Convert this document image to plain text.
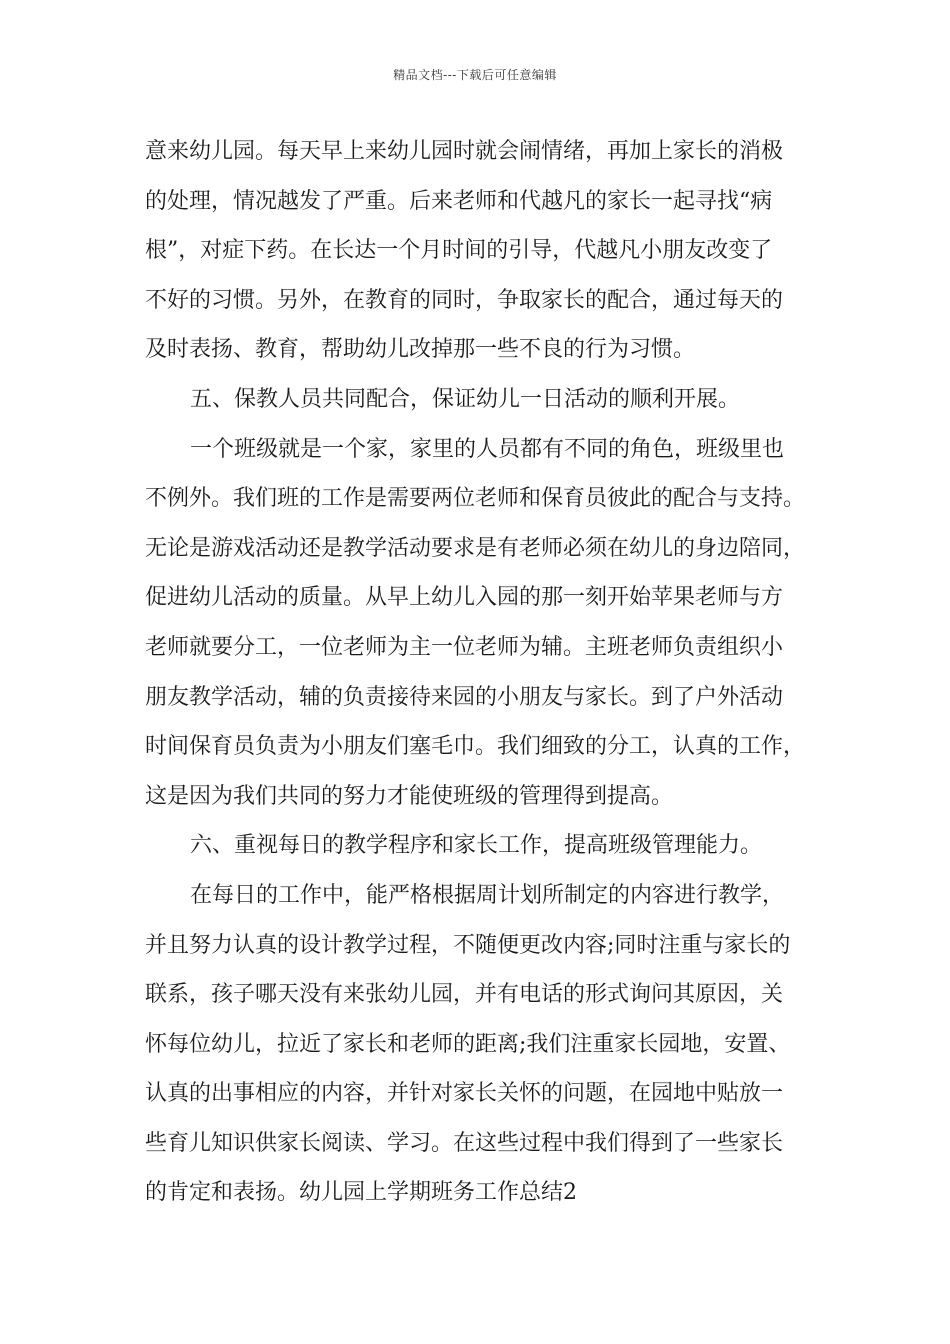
精品文档---下载后可任意编辑
意来幼儿园。每天早上来幼儿园时就会闹情绪，再加上家长的消极
的处理，情况越发了严重。后来老师和代越凡的家长一起寻找“病
根”，对症下药。在长达一个月时间的引导，代越凡小朋友改变了
不好的习惯。另外，在教育的同时，争取家长的配合，通过每天的
及时表扬、教育，帮助幼儿改掉那一些不良的行为习惯。
五、保教人员共同配合，保证幼儿一日活动的顺利开展。
一个班级就是一个家，家里的人员都有不同的角色，班级里也
不例外。我们班的工作是需要两位老师和保育员彼此的配合与支持。
无论是游戏活动还是教学活动要求是有老师必须在幼儿的身边陪同，
促进幼儿活动的质量。从早上幼儿入园的那一刻开始苹果老师与方
老师就要分工，一位老师为主一位老师为辅。主班老师负责组织小
朋友教学活动，辅的负责接待来园的小朋友与家长。到了户外活动
时间保育员负责为小朋友们塞毛巾。我们细致的分工，认真的工作，
这是因为我们共同的努力才能使班级的管理得到提高。
六、重视每日的教学程序和家长工作，提高班级管理能力。
在每日的工作中，能严格根据周计划所制定的内容进行教学，
并且努力认真的设计教学过程，不随便更改内容;同时注重与家长的
联系，孩子哪天没有来张幼儿园，并有电话的形式询问其原因，关
怀每位幼儿，拉近了家长和老师的距离;我们注重家长园地，安置、
认真的出事相应的内容，并针对家长关怀的问题，在园地中贴放一
些育儿知识供家长阅读、学习。在这些过程中我们得到了一些家长
的肯定和表扬。幼儿园上学期班务工作总结2
